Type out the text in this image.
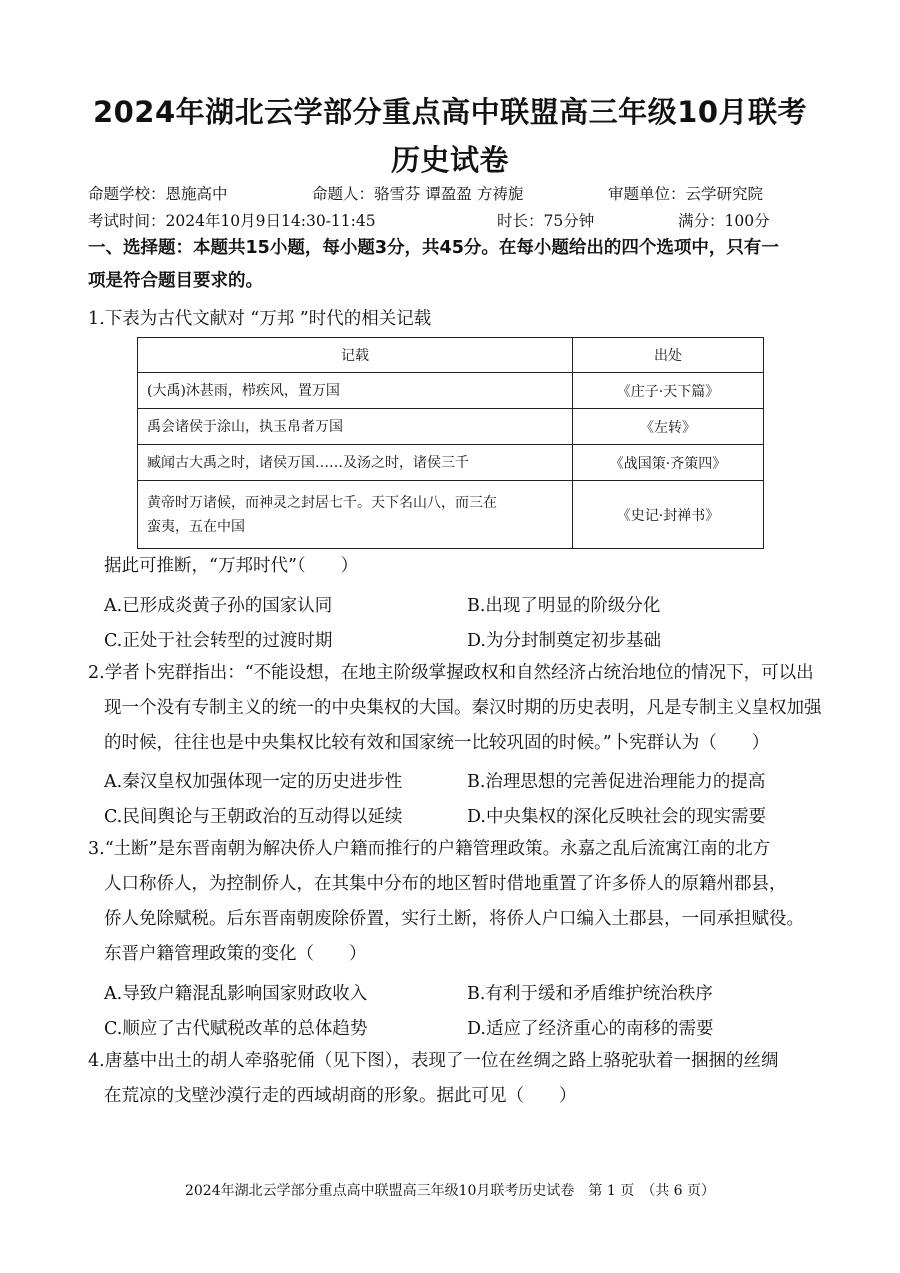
2024年湖北云学部分重点高中联盟高三年级10月联考
历史试卷
命题学校：恩施高中	命题人：骆雪芬 谭盈盈 方祷旎	审题单位：云学研究院
考试时间：2024年10月9日14:30-11:45	时长：75分钟	满分：100分
一、选择题：本题共15小题，每小题3分，共45分。在每小题给出的四个选项中，只有一
项是符合题目要求的。
1.下表为古代文献对 “万邦 ”时代的相关记载
记载	出处
(大禹)沐甚雨，栉疾风，置万国	《庄子·天下篇》
禹会诸侯于涂山，执玉帛者万国	《左转》
臧闻古大禹之时，诸侯万国……及汤之时，诸侯三千	《战国策·齐策四》

黄帝时万诸候，而神灵之封居七千。天下名山八，而三在
蛮夷，五在中国	《史记·封禅书》
据此可推断，“万邦时代”（　　）
A.已形成炎黄子孙的国家认同	B.出现了明显的阶级分化
C.正处于社会转型的过渡时期	D.为分封制奠定初步基础
2.学者卜宪群指出：“不能设想，在地主阶级掌握政权和自然经济占统治地位的情况下，可以出
现一个没有专制主义的统一的中央集权的大国。秦汉时期的历史表明，凡是专制主义皇权加强
的时候，往往也是中央集权比较有效和国家统一比较巩固的时候。”卜宪群认为（　　）
A.秦汉皇权加强体现一定的历史进步性	B.治理思想的完善促进治理能力的提高
C.民间舆论与王朝政治的互动得以延续	D.中央集权的深化反映社会的现实需要
3.“土断”是东晋南朝为解决侨人户籍而推行的户籍管理政策。永嘉之乱后流寓江南的北方
人口称侨人，为控制侨人，在其集中分布的地区暂时借地重置了许多侨人的原籍州郡县，
侨人免除赋税。后东晋南朝废除侨置，实行土断，将侨人户口编入土郡县，一同承担赋役。
东晋户籍管理政策的变化（　　）
A.导致户籍混乱影响国家财政收入	B.有利于缓和矛盾维护统治秩序
C.顺应了古代赋税改革的总体趋势	D.适应了经济重心的南移的需要
4.唐墓中出土的胡人牵骆驼俑（见下图），表现了一位在丝绸之路上骆驼驮着一捆捆的丝绸
在荒凉的戈壁沙漠行走的西域胡商的形象。据此可见（　　）
2024年湖北云学部分重点高中联盟高三年级10月联考历史试卷　第 1 页　（共 6 页）
